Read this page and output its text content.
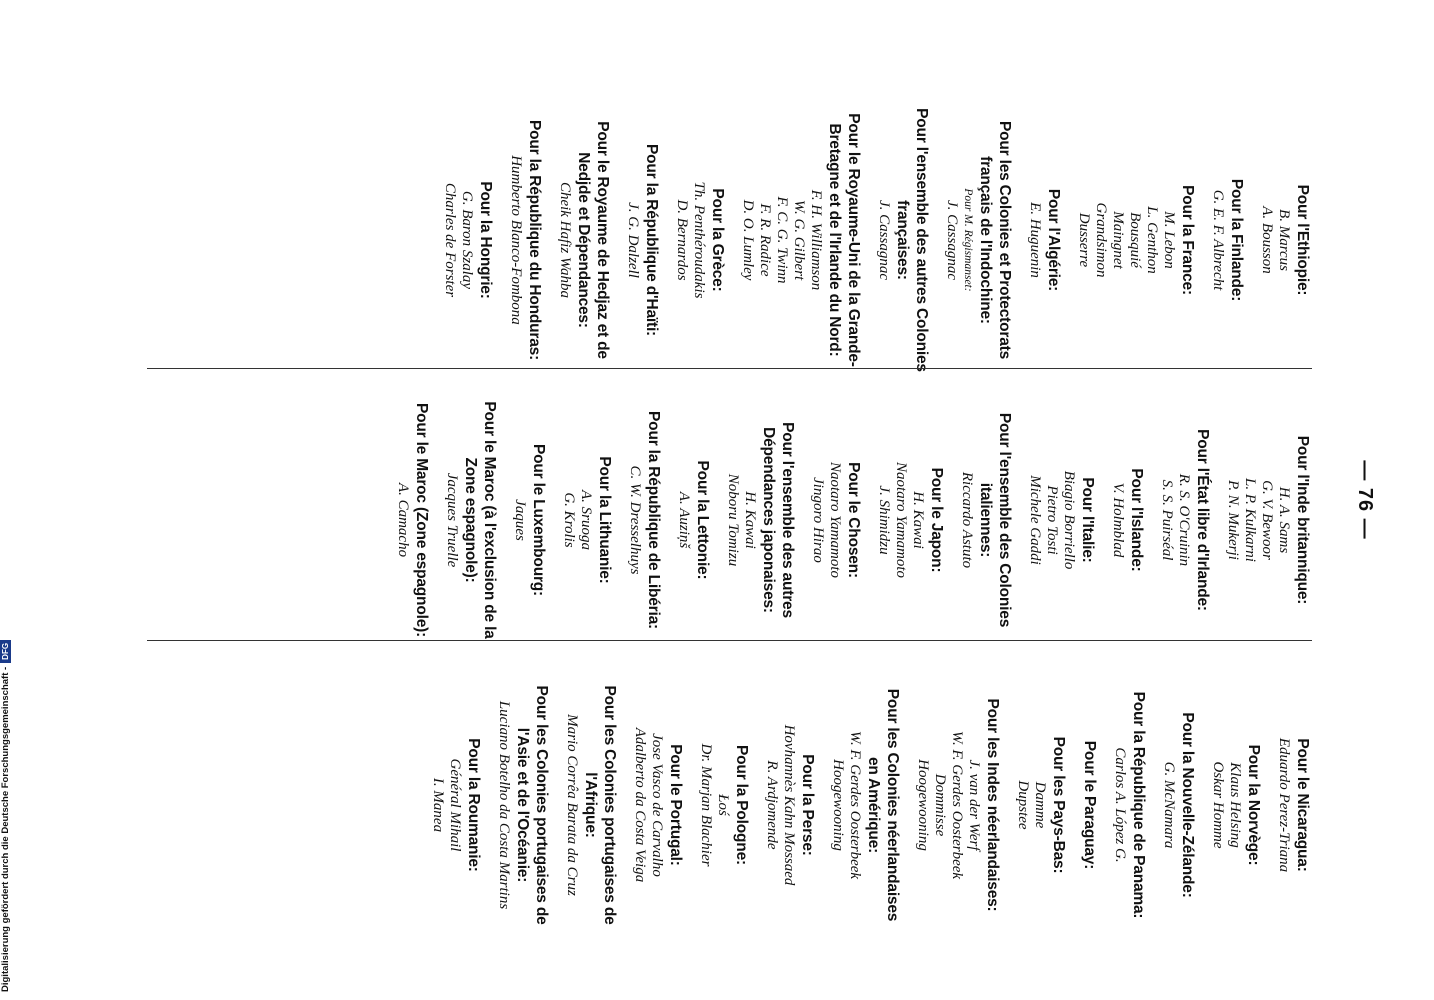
Digitalisierung gefördert durch die Deutsche Forschungsgemeinschaft -DFG
— 76 —
Pour l'Ethiopie:
B. Marcus
A. Bousson
Pour la Finlande:
G. E. F. Albrecht
Pour la France:
M. Lebon
L. Genthon
Bousquié
Maingnet
Grandsimon
Dusserre
Pour l'Algérie:
E. Huguenin
Pour les Colonies et Protectorats
français de l'Indochine:
Pour M. Régismanset:
J. Cassagnac
Pour l'ensemble des autres Colonies
françaises:
J. Cassagnac
Pour le Royaume-Uni de la Grande-
Bretagne et de l'Irlande du Nord:
F. H. Williamson
W. G. Gilbert
F. C. G. Twinn
F. R. Radice
D. O. Lumley
Pour la Grèce:
Th. Penthéroudakis
D. Bernardos
Pour la République d'Haïti:
J. G. Dalzell
Pour le Royaume de Hedjaz et de
Nedjde et Dépendances:
Cheik Hafiz Wahba
Pour la République du Honduras:
Humberto Blanco-Fombona
Pour la Hongrie:
G. Baron Szalay
Charles de Forster
Pour l'Inde britannique:
H. A. Sams
G. V. Bewoor
L. P. Kulkarni
P. N. Mukerji
Pour l'État libre d'Irlande:
R. S. O'Cruinin
S. S. Puirséal
Pour l'Islande:
V. Holmblad
Pour l'Italie:
Biagio Borriello
Pietro Tosti
Michele Gaddi
Pour l'ensemble des Colonies
italiennes:
Riccardo Astuto
Pour le Japon:
H. Kawai
Naotaro Yamamoto
J. Shimidzu
Pour le Chosen:
Naotaro Yamamoto
Jingoro Hirao
Pour l'ensemble des autres
Dépendances japonaises:
H. Kawai
Noboru Tomizu
Pour la Lettonie:
A. Auziņš
Pour la République de Libéria:
C. W. Dresselhuys
Pour la Lithuanie:
A. Sruoga
G. Krolis
Pour le Luxembourg:
Jaques
Pour le Maroc (à l'exclusion de la
Zone espagnole):
Jacques Truelle
Pour le Maroc (Zone espagnole):
A. Camacho
Pour le Nicaragua:
Eduardo Perez-Triana
Pour la Norvège:
Klaus Helsing
Oskar Homme
Pour la Nouvelle-Zélande:
G. McNamara
Pour la République de Panama:
Carlos A. López G.
Pour le Paraguay:
Pour les Pays-Bas:
Damme
Dupstee
Pour les Indes néerlandaises:
J. van der Werf
W. F. Gerdes Oosterbeek
Dommisse
Hoogewooning
Pour les Colonies néerlandaises
en Amérique:
W. F. Gerdes Oosterbeek
Hoogewooning
Pour la Perse:
Hovhannès Kahn Mossaed
R. Ardjomende
Pour la Pologne:
Łoś
Dr. Marjan Blachier
Pour le Portugal:
Jose Vasco de Carvalho
Adalberto da Costa Veiga
Pour les Colonies portugaises de
l'Afrique:
Mario Corrêa Barata da Cruz
Pour les Colonies portugaises de
l'Asie et de l'Océanie:
Luciano Botelho da Costa Martins
Pour la Roumanie:
Général Mihail
I. Manea
